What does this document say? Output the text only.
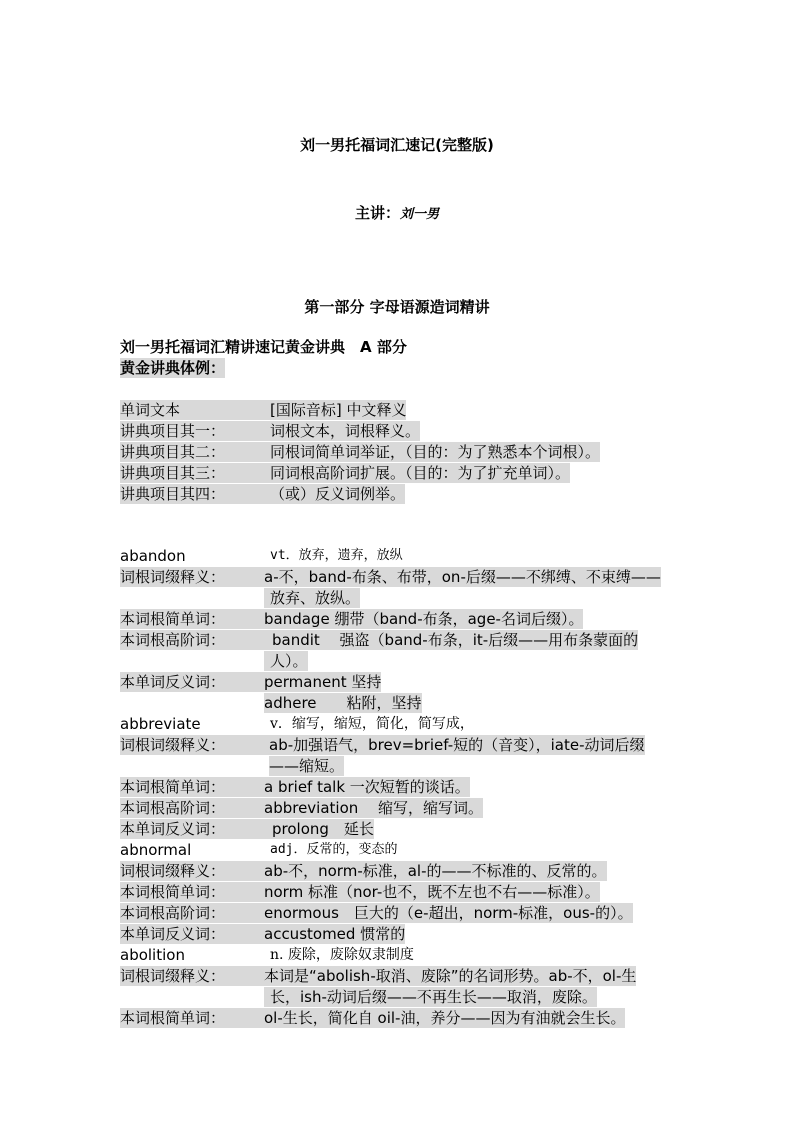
刘一男托福词汇速记(完整版)
主讲：刘一男
第一部分 字母语源造词精讲
刘一男托福词汇精讲速记黄金讲典　A 部分
黄金讲典体例：
单词文本	[国际音标] 中文释义
讲典项目其一：	词根文本，词根释义。
讲典项目其二：	同根词简单词举证，（目的：为了熟悉本个词根）。
讲典项目其三：	同词根高阶词扩展。（目的：为了扩充单词）。
讲典项目其四：	（或）反义词例举。
abandon	vt．放弃，遗弃，放纵
词根词缀释义：	a-不，band-布条、布带，on-后缀——不绑缚、不束缚——
放弃、放纵。
本词根简单词：	bandage 绷带（band-布条，age-名词后缀）。
本词根高阶词：	bandit　 强盗（band-布条，it-后缀——用布条蒙面的
人）。
本单词反义词：	permanent 坚持
adhere　　粘附，坚持
abbreviate	v．缩写，缩短，简化，简写成，
词根词缀释义：	ab-加强语气，brev=brief-短的（音变），iate-动词后缀
——缩短。
本词根简单词：	a brief talk 一次短暂的谈话。
本词根高阶词：	abbreviation　 缩写，缩写词。
本单词反义词：	prolong　延长
abnormal	adj．反常的，变态的
词根词缀释义：	ab-不，norm-标准，al-的——不标准的、反常的。
本词根简单词：	norm 标准（nor-也不，既不左也不右——标准）。
本词根高阶词：	enormous　巨大的（e-超出，norm-标准，ous-的）。
本单词反义词：	accustomed 惯常的
abolition	n. 废除，废除奴隶制度
词根词缀释义：	本词是“abolish-取消、废除”的名词形势。ab-不，ol-生
长，ish-动词后缀——不再生长——取消，废除。
本词根简单词：	ol-生长，简化自 oil-油，养分——因为有油就会生长。
